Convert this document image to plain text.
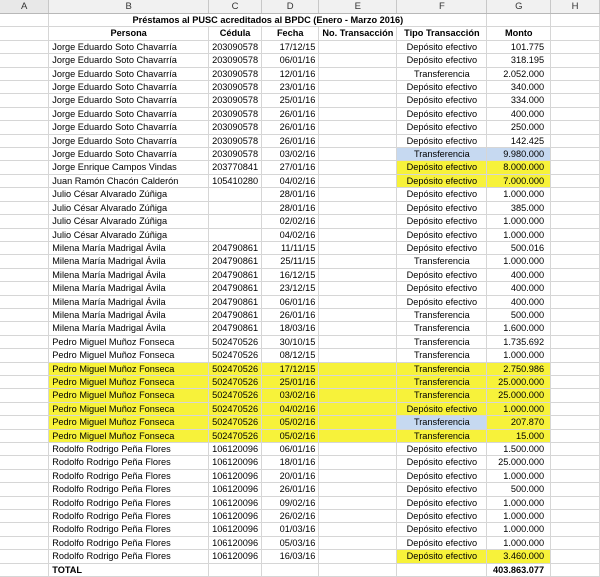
A	B	C	D	E	F	G	H
	Préstamos al PUSC acreditados al BPDC (Enero - Marzo 2016)						
	Persona	Cédula	Fecha	No. Transacción	Tipo Transacción	Monto	
	Jorge Eduardo Soto Chavarría	203090578	17/12/15		Depósito efectivo	101.775	
	Jorge Eduardo Soto Chavarría	203090578	06/01/16		Depósito efectivo	318.195	
	Jorge Eduardo Soto Chavarría	203090578	12/01/16		Transferencia	2.052.000	
	Jorge Eduardo Soto Chavarría	203090578	23/01/16		Depósito efectivo	340.000	
	Jorge Eduardo Soto Chavarría	203090578	25/01/16		Depósito efectivo	334.000	
	Jorge Eduardo Soto Chavarría	203090578	26/01/16		Depósito efectivo	400.000	
	Jorge Eduardo Soto Chavarría	203090578	26/01/16		Depósito efectivo	250.000	
	Jorge Eduardo Soto Chavarría	203090578	26/01/16		Depósito efectivo	142.425	
	Jorge Eduardo Soto Chavarría	203090578	03/02/16		Transferencia	9.980.000	
	Jorge Enrique Campos Vindas	203770841	27/01/16		Depósito efectivo	8.000.000	
	Juan Ramón Chacón Calderón	105410280	04/02/16		Depósito efectivo	7.000.000	
	Julio César Alvarado Zúñiga		28/01/16		Depósito efectivo	1.000.000	
	Julio César Alvarado Zúñiga		28/01/16		Depósito efectivo	385.000	
	Julio César Alvarado Zúñiga		02/02/16		Depósito efectivo	1.000.000	
	Julio César Alvarado Zúñiga		04/02/16		Depósito efectivo	1.000.000	
	Milena María Madrigal Ávila	204790861	11/11/15		Depósito efectivo	500.016	
	Milena María Madrigal Ávila	204790861	25/11/15		Transferencia	1.000.000	
	Milena María Madrigal Ávila	204790861	16/12/15		Depósito efectivo	400.000	
	Milena María Madrigal Ávila	204790861	23/12/15		Depósito efectivo	400.000	
	Milena María Madrigal Ávila	204790861	06/01/16		Depósito efectivo	400.000	
	Milena María Madrigal Ávila	204790861	26/01/16		Transferencia	500.000	
	Milena María Madrigal Ávila	204790861	18/03/16		Transferencia	1.600.000	
	Pedro Miguel Muñoz Fonseca	502470526	30/10/15		Transferencia	1.735.692	
	Pedro Miguel Muñoz Fonseca	502470526	08/12/15		Transferencia	1.000.000	
	Pedro Miguel Muñoz Fonseca	502470526	17/12/15		Transferencia	2.750.986	
	Pedro Miguel Muñoz Fonseca	502470526	25/01/16		Transferencia	25.000.000	
	Pedro Miguel Muñoz Fonseca	502470526	03/02/16		Transferencia	25.000.000	
	Pedro Miguel Muñoz Fonseca	502470526	04/02/16		Depósito efectivo	1.000.000	
	Pedro Miguel Muñoz Fonseca	502470526	05/02/16		Transferencia	207.870	
	Pedro Miguel Muñoz Fonseca	502470526	05/02/16		Transferencia	15.000	
	Rodolfo Rodrigo Peña Flores	106120096	06/01/16		Depósito efectivo	1.500.000	
	Rodolfo Rodrigo Peña Flores	106120096	18/01/16		Depósito efectivo	25.000.000	
	Rodolfo Rodrigo Peña Flores	106120096	20/01/16		Depósito efectivo	1.000.000	
	Rodolfo Rodrigo Peña Flores	106120096	26/01/16		Depósito efectivo	500.000	
	Rodolfo Rodrigo Peña Flores	106120096	09/02/16		Depósito efectivo	1.000.000	
	Rodolfo Rodrigo Peña Flores	106120096	26/02/16		Depósito efectivo	1.000.000	
	Rodolfo Rodrigo Peña Flores	106120096	01/03/16		Depósito efectivo	1.000.000	
	Rodolfo Rodrigo Peña Flores	106120096	05/03/16		Depósito efectivo	1.000.000	
	Rodolfo Rodrigo Peña Flores	106120096	16/03/16		Depósito efectivo	3.460.000	
	TOTAL					403.863.077	
